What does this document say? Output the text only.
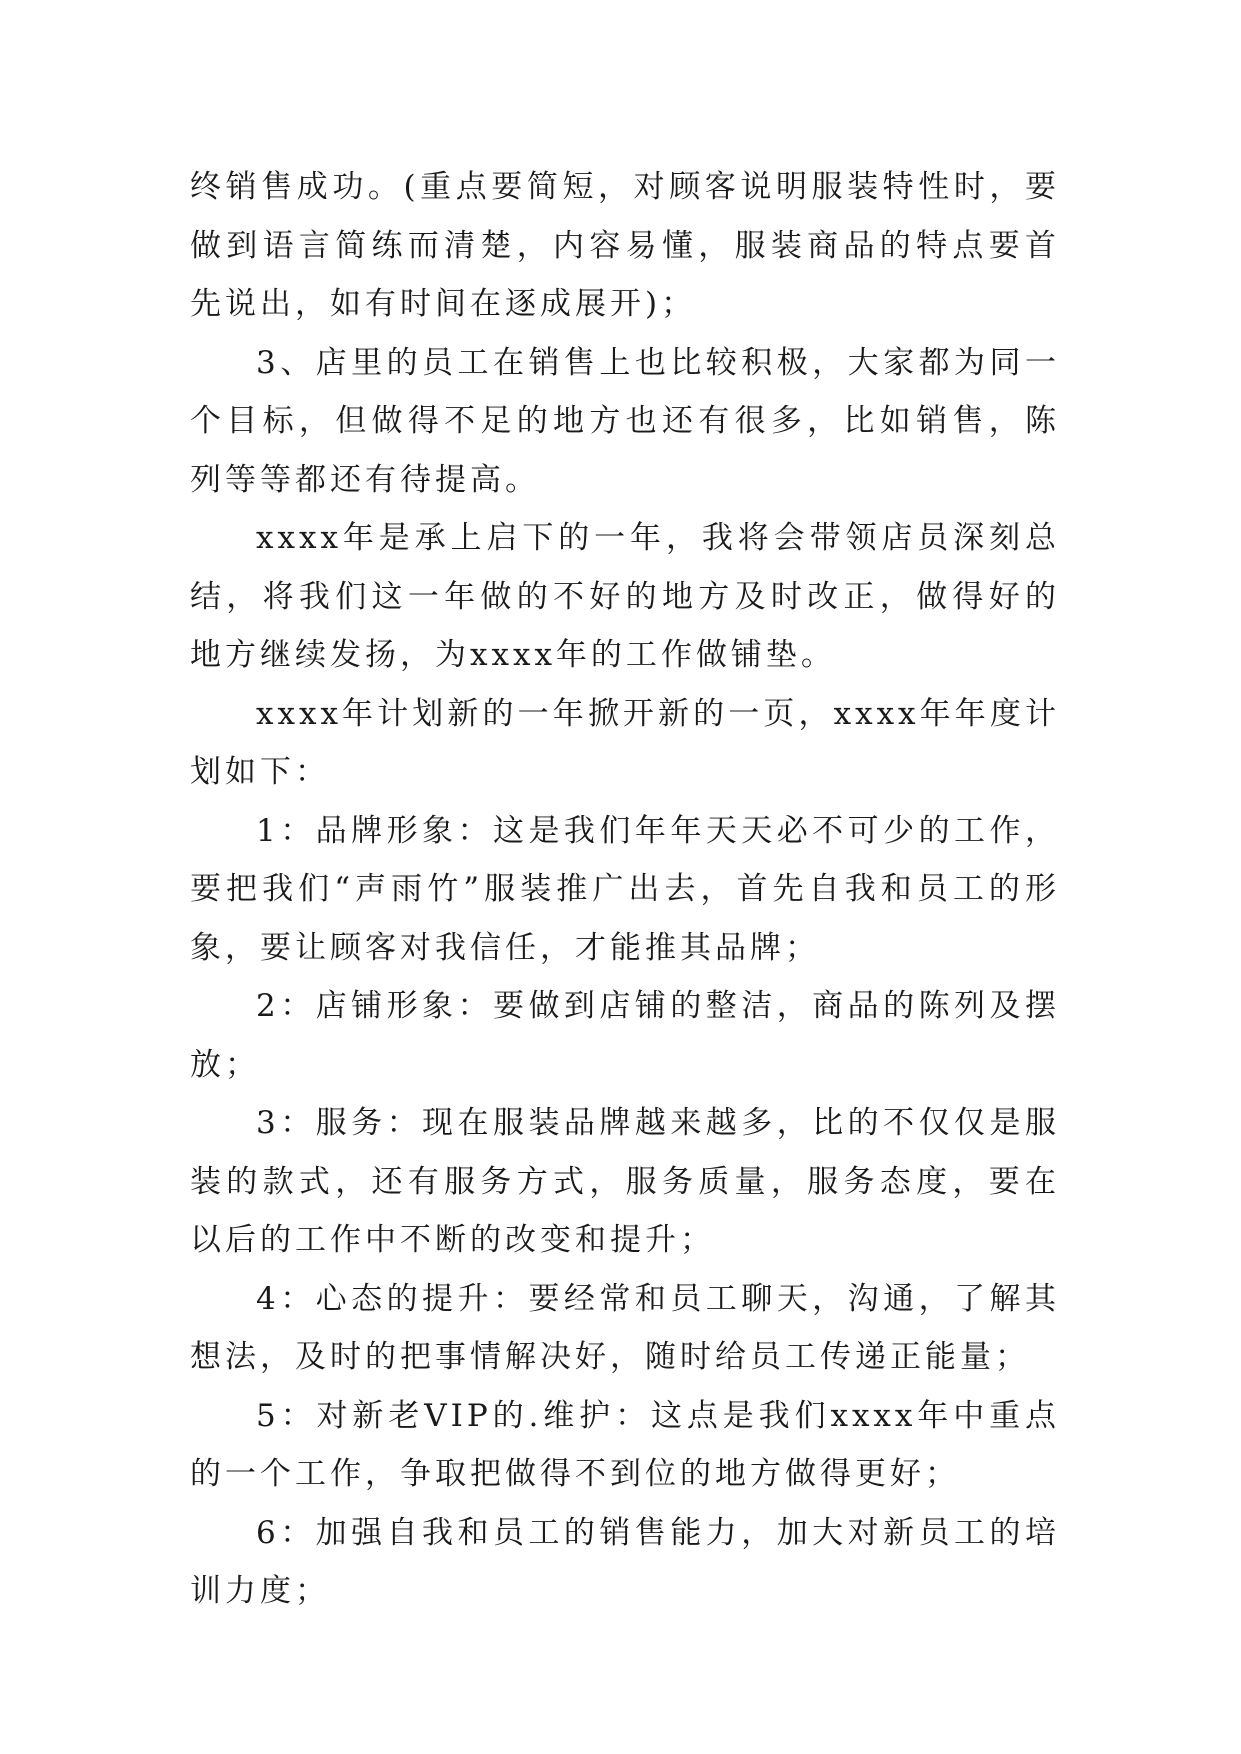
终销售成功。(重点要简短，对顾客说明服装特性时，要做到语言简练而清楚，内容易懂，服装商品的特点要首先说出，如有时间在逐成展开)；

3、店里的员工在销售上也比较积极，大家都为同一个目标，但做得不足的地方也还有很多，比如销售，陈列等等都还有待提高。

xxxx年是承上启下的一年，我将会带领店员深刻总结，将我们这一年做的不好的地方及时改正，做得好的地方继续发扬，为xxxx年的工作做铺垫。

xxxx年计划新的一年掀开新的一页，xxxx年年度计划如下：

1：品牌形象：这是我们年年天天必不可少的工作，要把我们“声雨竹”服装推广出去，首先自我和员工的形象，要让顾客对我信任，才能推其品牌；

2：店铺形象：要做到店铺的整洁，商品的陈列及摆放；

3：服务：现在服装品牌越来越多，比的不仅仅是服装的款式，还有服务方式，服务质量，服务态度，要在以后的工作中不断的改变和提升；

4：心态的提升：要经常和员工聊天，沟通，了解其想法，及时的把事情解决好，随时给员工传递正能量；

5：对新老VIP的.维护：这点是我们xxxx年中重点的一个工作，争取把做得不到位的地方做得更好；

6：加强自我和员工的销售能力，加大对新员工的培训力度；
